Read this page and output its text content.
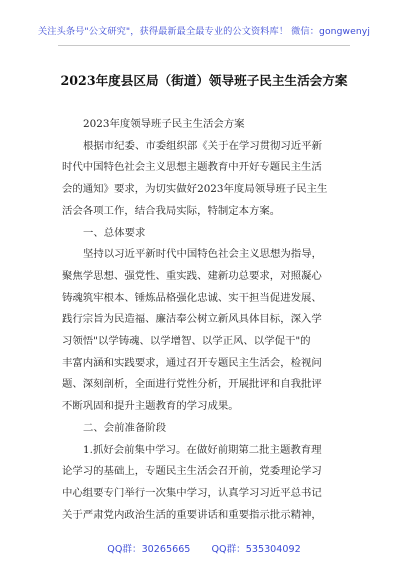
关注头条号"公文研究"，获得最新最全最专业的公文资料库！ 微信：gongwenyj
2023年度县区局（街道）领导班子民主生活会方案
2023年度领导班子民主生活会方案
根据市纪委、市委组织部《关于在学习贯彻习近平新
时代中国特色社会主义思想主题教育中开好专题民主生活
会的通知》要求，为切实做好2023年度局领导班子民主生
活会各项工作，结合我局实际，特制定本方案。
一、总体要求
坚持以习近平新时代中国特色社会主义思想为指导，
聚焦学思想、强党性、重实践、建新功总要求，对照凝心
铸魂筑牢根本、锤炼品格强化忠诚、实干担当促进发展、
践行宗旨为民造福、廉洁奉公树立新风具体目标，深入学
习领悟"以学铸魂、以学增智、以学正风、以学促干"的
丰富内涵和实践要求，通过召开专题民主生活会，检视问
题、深刻剖析，全面进行党性分析，开展批评和自我批评
不断巩固和提升主题教育的学习成果。
二、会前准备阶段
1.抓好会前集中学习。在做好前期第二批主题教育理
论学习的基础上，专题民主生活会召开前，党委理论学习
中心组要专门举行一次集中学习，认真学习习近平总书记
关于严肃党内政治生活的重要讲话和重要指示批示精神，
QQ群：30265665 QQ群：535304092
